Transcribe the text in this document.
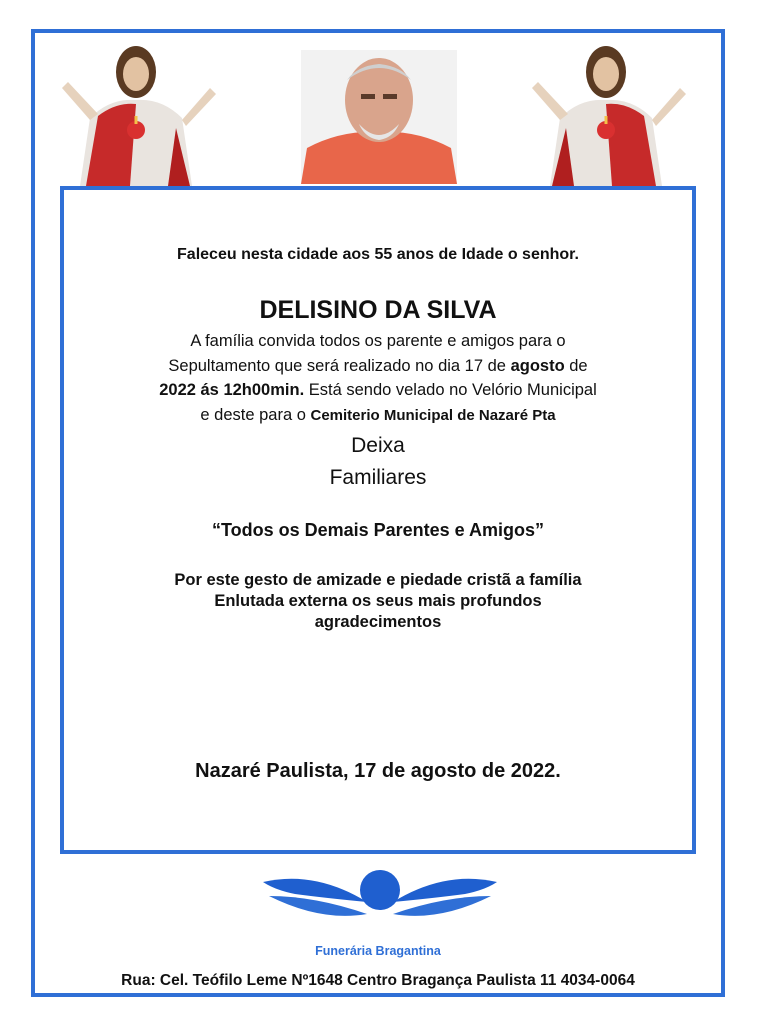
Faleceu nesta cidade aos 55 anos de Idade o senhor.
DELISINO DA SILVA
A família convida todos os parente e amigos para o
Sepultamento que será realizado no dia 17 de agosto de
2022 ás 12h00min. Está sendo velado no Velório Municipal
e deste para o Cemiterio Municipal de Nazaré Pta
Deixa
Familiares
“Todos os Demais Parentes e Amigos”
Por este gesto de amizade e piedade cristã a família
Enlutada externa os seus mais profundos
agradecimentos
Nazaré Paulista, 17 de agosto de 2022.
Funerária Bragantina
Rua: Cel. Teófilo Leme Nº1648 Centro Bragança Paulista 11 4034-0064
